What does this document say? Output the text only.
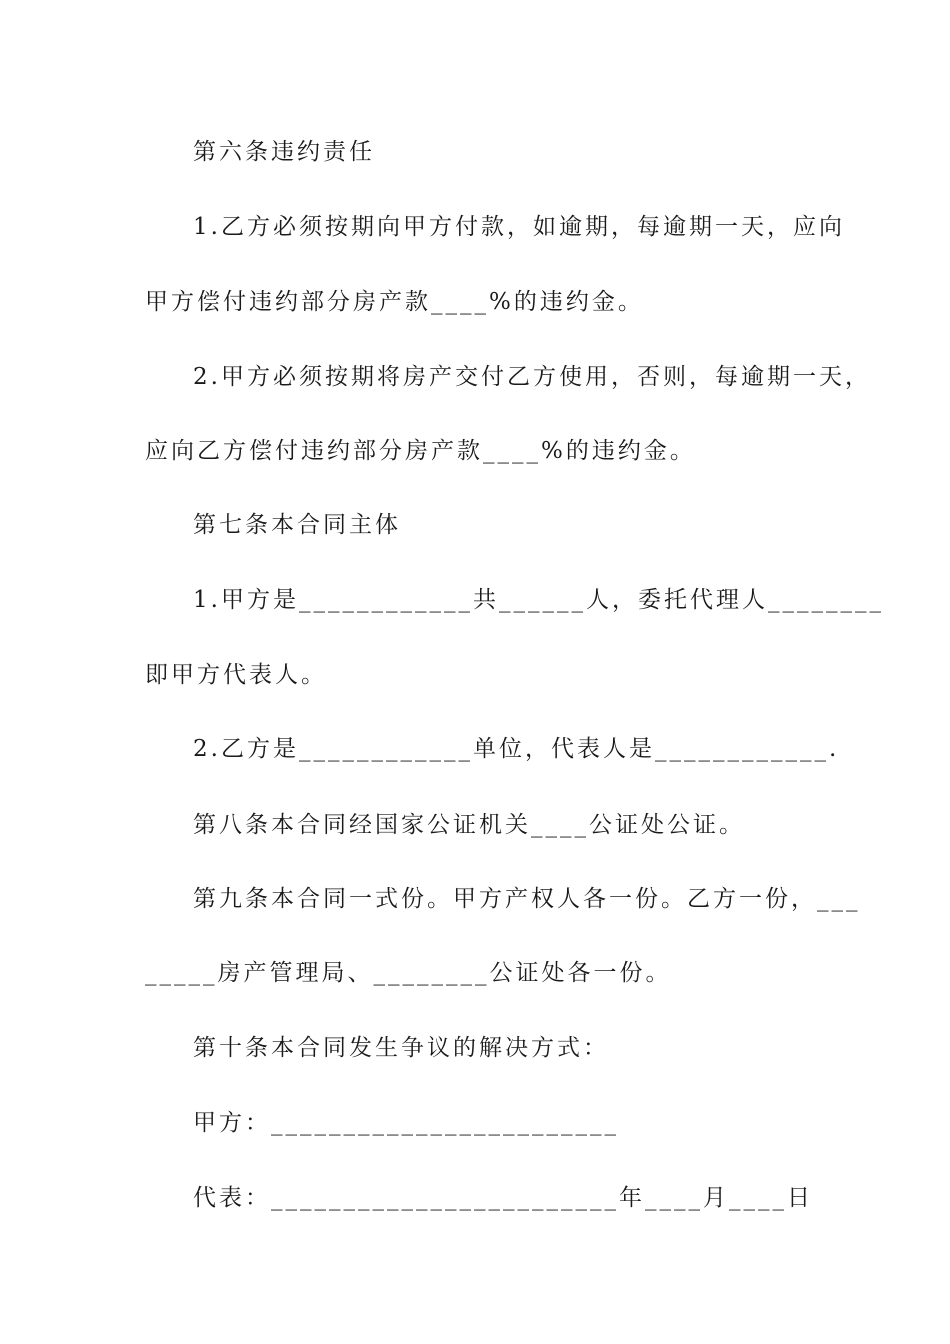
第六条违约责任
1.乙方必须按期向甲方付款，如逾期，每逾期一天，应向
甲方偿付违约部分房产款____%的违约金。
2.甲方必须按期将房产交付乙方使用，否则，每逾期一天，
应向乙方偿付违约部分房产款____%的违约金。
第七条本合同主体
1.甲方是____________共______人，委托代理人________
即甲方代表人。
2.乙方是____________单位，代表人是____________.
第八条本合同经国家公证机关____公证处公证。
第九条本合同一式份。甲方产权人各一份。乙方一份，___
_____房产管理局、________公证处各一份。
第十条本合同发生争议的解决方式：
甲方：________________________
代表：________________________年____月____日
